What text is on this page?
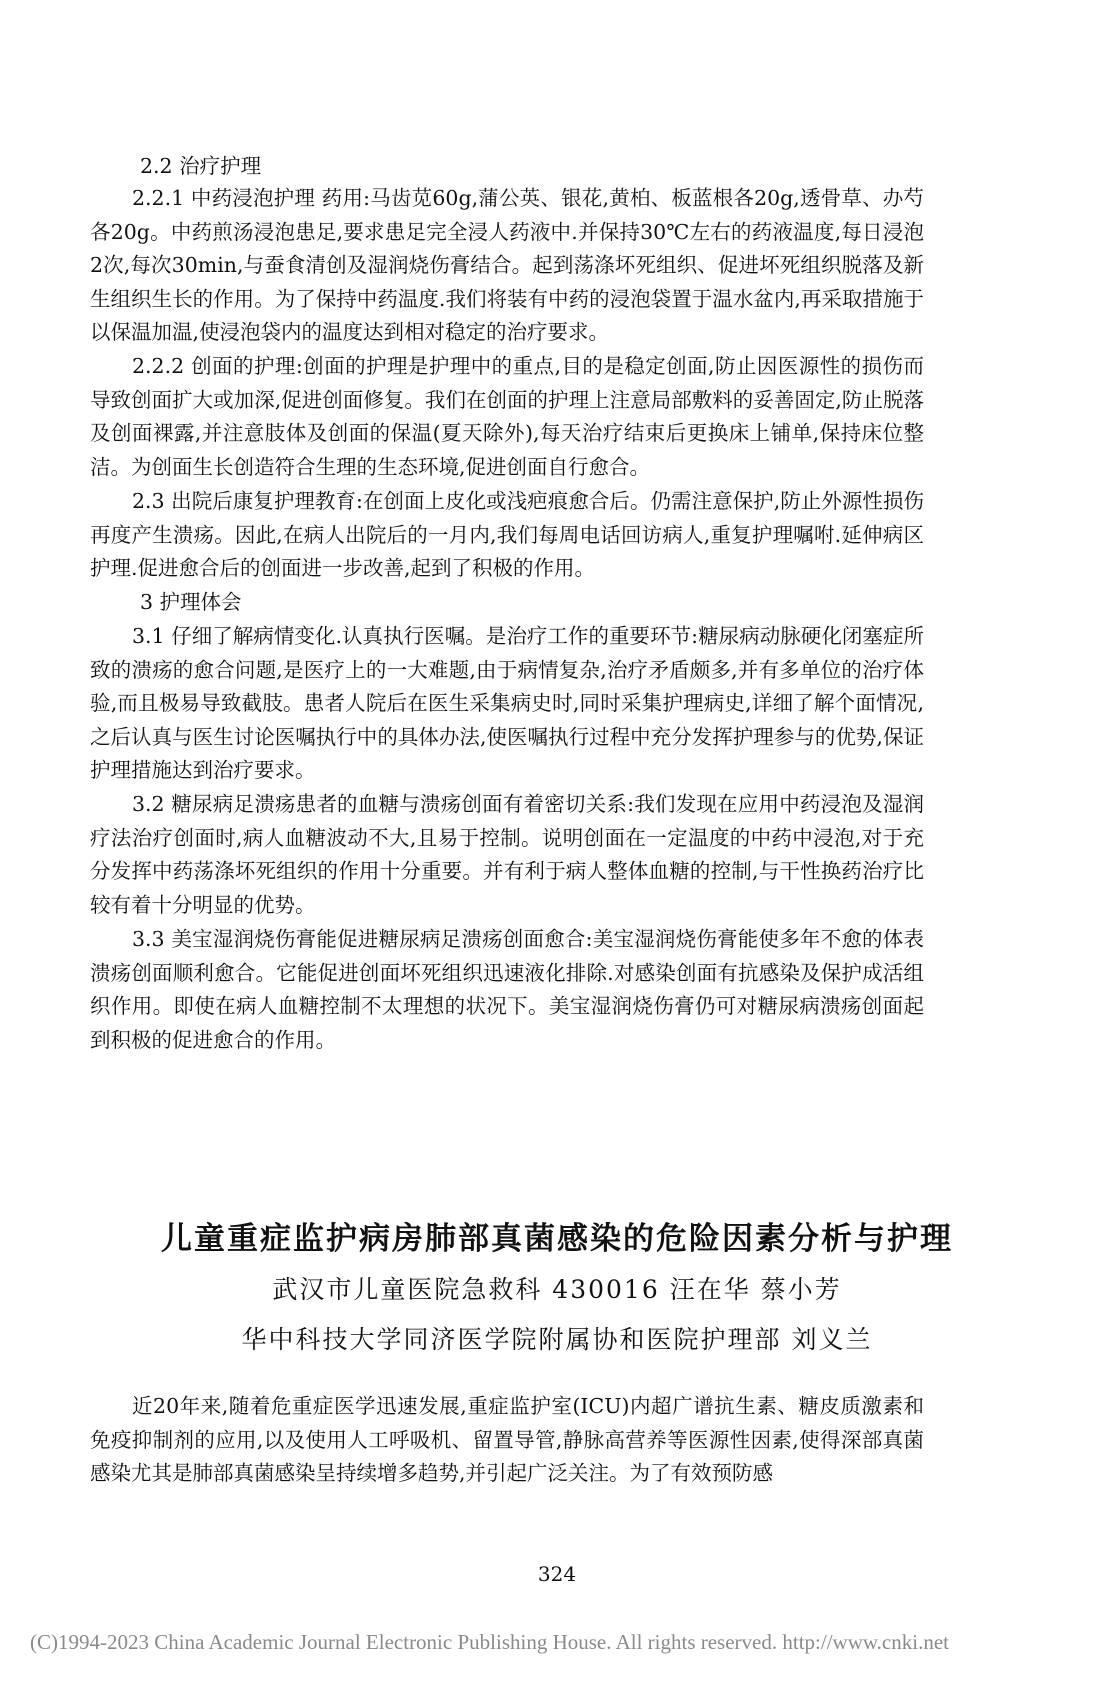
2.2 治疗护理

2.2.1 中药浸泡护理 药用:马齿苋60g,蒲公英、银花,黄柏、板蓝根各20g,透骨草、办芍各20g。中药煎汤浸泡患足,要求患足完全浸人药液中.并保持30℃左右的药液温度,每日浸泡2次,每次30min,与蚕食清创及湿润烧伤膏结合。起到荡涤坏死组织、促进坏死组织脱落及新生组织生长的作用。为了保持中药温度.我们将装有中药的浸泡袋置于温水盆内,再采取措施于以保温加温,使浸泡袋内的温度达到相对稳定的治疗要求。

2.2.2 创面的护理:创面的护理是护理中的重点,目的是稳定创面,防止因医源性的损伤而导致创面扩大或加深,促进创面修复。我们在创面的护理上注意局部敷料的妥善固定,防止脱落及创面裸露,并注意肢体及创面的保温(夏天除外),每天治疗结束后更换床上铺单,保持床位整洁。为创面生长创造符合生理的生态环境,促进创面自行愈合。

2.3 出院后康复护理教育:在创面上皮化或浅疤痕愈合后。仍需注意保护,防止外源性损伤再度产生溃疡。因此,在病人出院后的一月内,我们每周电话回访病人,重复护理嘱咐.延伸病区护理.促进愈合后的创面进一步改善,起到了积极的作用。

3 护理体会

3.1 仔细了解病情变化.认真执行医嘱。是治疗工作的重要环节:糖尿病动脉硬化闭塞症所致的溃疡的愈合问题,是医疗上的一大难题,由于病情复杂,治疗矛盾颇多,并有多单位的治疗体验,而且极易导致截肢。患者人院后在医生采集病史时,同时采集护理病史,详细了解个面情况,之后认真与医生讨论医嘱执行中的具体办法,使医嘱执行过程中充分发挥护理参与的优势,保证护理措施达到治疗要求。

3.2 糖尿病足溃疡患者的血糖与溃疡创面有着密切关系:我们发现在应用中药浸泡及湿润疗法治疗创面时,病人血糖波动不大,且易于控制。说明创面在一定温度的中药中浸泡,对于充分发挥中药荡涤坏死组织的作用十分重要。并有利于病人整体血糖的控制,与干性换药治疗比较有着十分明显的优势。

3.3 美宝湿润烧伤膏能促进糖尿病足溃疡创面愈合:美宝湿润烧伤膏能使多年不愈的体表溃疡创面顺利愈合。它能促进创面坏死组织迅速液化排除.对感染创面有抗感染及保护成活组织作用。即使在病人血糖控制不太理想的状况下。美宝湿润烧伤膏仍可对糖尿病溃疡创面起到积极的促进愈合的作用。

儿童重症监护病房肺部真菌感染的危险因素分析与护理

武汉市儿童医院急救科 430016 汪在华 蔡小芳

华中科技大学同济医学院附属协和医院护理部 刘义兰

近20年来,随着危重症医学迅速发展,重症监护室(ICU)内超广谱抗生素、糖皮质激素和免疫抑制剂的应用,以及使用人工呼吸机、留置导管,静脉高营养等医源性因素,使得深部真菌感染尤其是肺部真菌感染呈持续增多趋势,并引起广泛关注。为了有效预防感

324

(C)1994-2023 China Academic Journal Electronic Publishing House. All rights reserved. http://www.cnki.net
